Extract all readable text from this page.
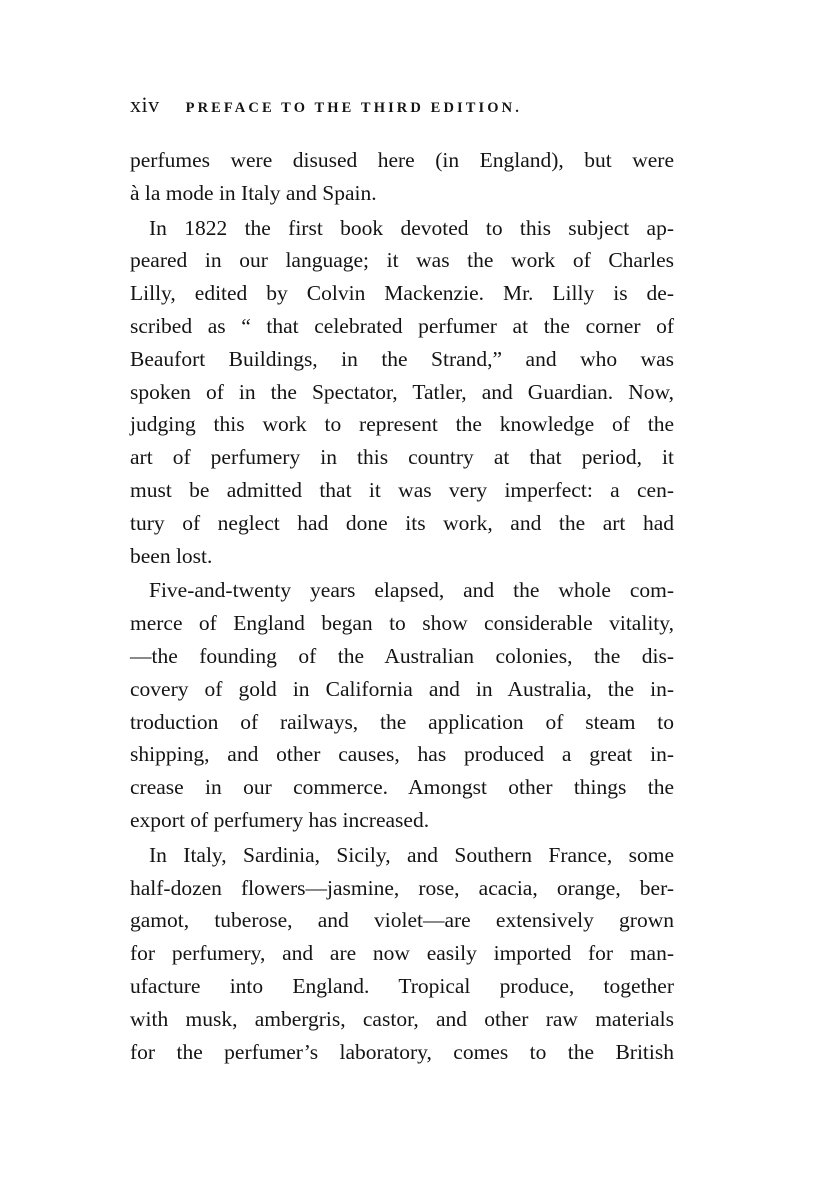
xiv PREFACE TO THE THIRD EDITION.
perfumes were disused here (in England), but were
à la mode in Italy and Spain.
In 1822 the first book devoted to this subject ap-
peared in our language; it was the work of Charles
Lilly, edited by Colvin Mackenzie. Mr. Lilly is de-
scribed as “ that celebrated perfumer at the corner of
Beaufort Buildings, in the Strand,” and who was
spoken of in the Spectator, Tatler, and Guardian. Now,
judging this work to represent the knowledge of the
art of perfumery in this country at that period, it
must be admitted that it was very imperfect: a cen-
tury of neglect had done its work, and the art had
been lost.
Five-and-twenty years elapsed, and the whole com-
merce of England began to show considerable vitality,
—the founding of the Australian colonies, the dis-
covery of gold in California and in Australia, the in-
troduction of railways, the application of steam to
shipping, and other causes, has produced a great in-
crease in our commerce. Amongst other things the
export of perfumery has increased.
In Italy, Sardinia, Sicily, and Southern France, some
half-dozen flowers—jasmine, rose, acacia, orange, ber-
gamot, tuberose, and violet—are extensively grown
for perfumery, and are now easily imported for man-
ufacture into England. Tropical produce, together
with musk, ambergris, castor, and other raw materials
for the perfumer’s laboratory, comes to the British
